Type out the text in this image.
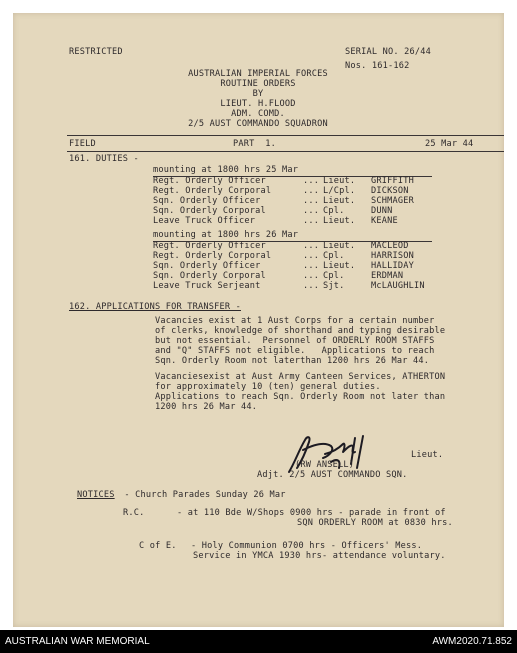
RESTRICTED	SERIAL NO. 26/44
Nos. 161-162
AUSTRALIAN IMPERIAL FORCES
ROUTINE ORDERS
BY
LIEUT. H.FLOOD
ADM. COMD.
2/5 AUST COMMANDO SQUADRON
FIELD	PART  1.	25 Mar 44
161. DUTIES -
mounting at 1800 hrs 25 Mar
Regt. Orderly Officer	... Lieut. GRIFFITH
Regt. Orderly Corporal	... L/Cpl. DICKSON
Sqn. Orderly Officer	... Lieut. SCHMAGER
Sqn. Orderly Corporal	... Cpl.	DUNN
Leave Truck Officer	... Lieut. KEANE
mounting at 1800 hrs 26 Mar
Regt. Orderly Officer	... Lieut. MACLEOD
Regt. Orderly Corporal	... Cpl.	HARRISON
Sqn. Orderly Officer	... Lieut. HALLIDAY
Sqn. Orderly Corporal	... Cpl.	ERDMAN
Leave Truck Serjeant	... Sjt.	McLAUGHLIN
162. APPLICATIONS FOR TRANSFER -
Vacancies exist at 1 Aust Corps for a certain number
of clerks, knowledge of shorthand and typing desirable
but not essential.  Personnel of ORDERLY ROOM STAFFS
and "Q" STAFFS not eligible.   Applications to reach
Sqn. Orderly Room not laterthan 1200 hrs 26 Mar 44.
Vacanciesexist at Aust Army Canteen Services, ATHERTON
for approximately 10 (ten) general duties.
Applications to reach Sqn. Orderly Room not later than
1200 hrs 26 Mar 44.
Lieut.
(RW ANSELL)
Adjt. 2/5 AUST COMMANDO SQN.
NOTICES - Church Parades Sunday 26 Mar
R.C.	- at 110 Bde W/Shops 0900 hrs - parade in front of
SQN ORDERLY ROOM at 0830 hrs.
C of E. - Holy Communion 0700 hrs - Officers' Mess.
Service in YMCA 1930 hrs- attendance voluntary.
AUSTRALIAN WAR MEMORIAL	AWM2020.71.852
